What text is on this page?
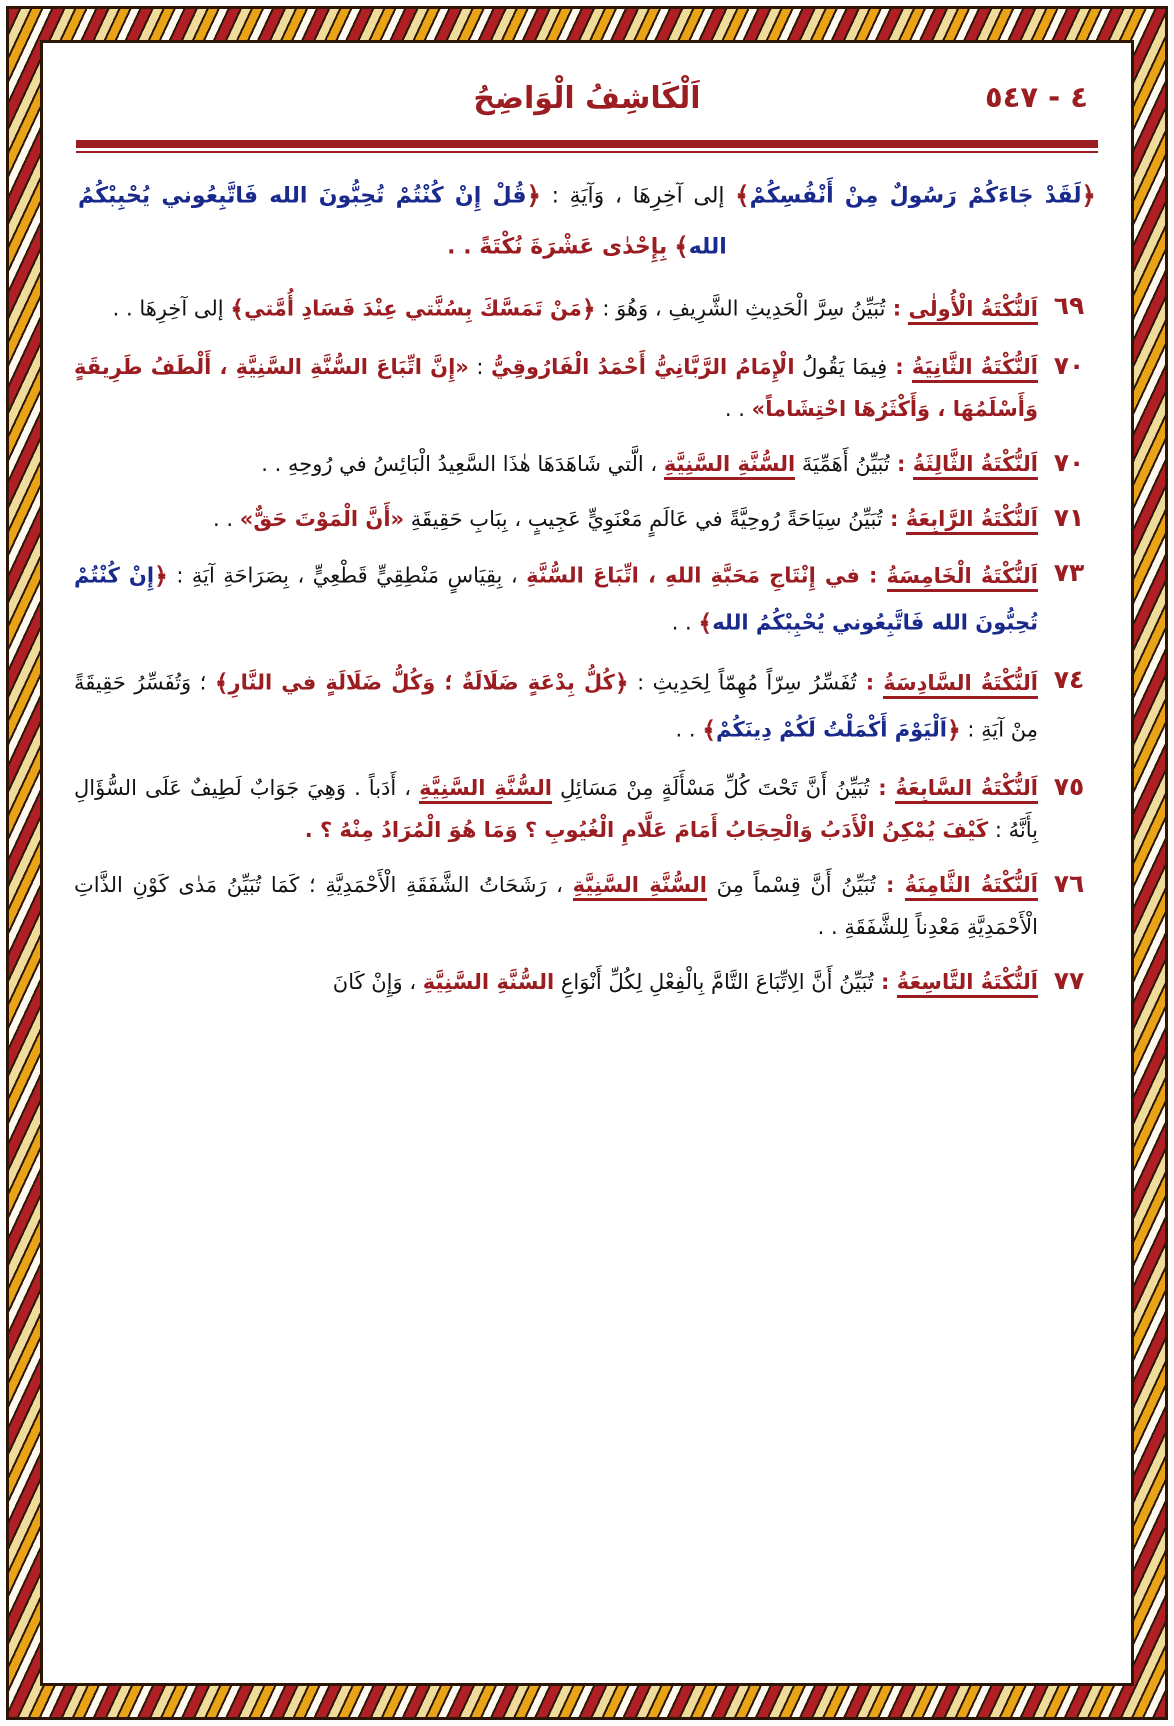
اَلْكَاشِفُ الْوَاضِحُ	٤ - ٥٤٧
﴿لَقَدْ جَاءَكُمْ رَسُولٌ مِنْ أَنْفُسِكُمْ﴾ إلى آخِرِهَا ، وَآيَةِ : ﴿قُلْ إِنْ كُنْتُمْ تُحِبُّونَ الله فَاتَّبِعُوني يُحْبِبْكُمُ الله﴾ بِإِحْدٰى عَشْرَةَ نُكْتَةً . .
٦٩
اَلنُّكْتَةُ الْأُولٰى : تُبَيِّنُ سِرَّ الْحَدِيثِ الشَّرِيفِ ، وَهُوَ : ﴿مَنْ تَمَسَّكَ بِسُنَّتي عِنْدَ فَسَادِ أُمَّتي﴾ إلى آخِرِهَا . .
٧٠
اَلنُّكْتَةُ الثَّانِيَةُ : فِيمَا يَقُولُ الْإِمَامُ الرَّبَّانِيُّ أَحْمَدُ الْفَارُوقِيُّ : «إِنَّ اتِّبَاعَ السُّنَّةِ السَّنِيَّةِ ، أَلْطَفُ طَرِيقَةٍ وَأَسْلَمُهَا ، وَأَكْثَرُهَا احْتِشَاماً» . .
٧٠
اَلنُّكْتَةُ الثَّالِثَةُ : تُبَيِّنُ أَهَمِّيَةَ السُّنَّةِ السَّنِيَّةِ ، الَّتي شَاهَدَهَا هٰذَا السَّعِيدُ الْبَائِسُ في رُوحِهِ . .
٧١
اَلنُّكْتَةُ الرَّابِعَةُ : تُبَيِّنُ سِيَاحَةً رُوحِيَّةً في عَالَمٍ مَعْنَوِيٍّ عَجِيبٍ ، بِبَابِ حَقِيقَةِ «أَنَّ الْمَوْتَ حَقٌّ» . .
٧٣
اَلنُّكْتَةُ الْخَامِسَةُ : في إِنْتَاجِ مَحَبَّةِ اللهِ ، اتِّبَاعَ السُّنَّةِ ، بِقِيَاسٍ مَنْطِقِيٍّ قَطْعِيٍّ ، بِصَرَاحَةِ آيَةِ : ﴿إِنْ كُنْتُمْ تُحِبُّونَ الله فَاتَّبِعُوني يُحْبِبْكُمُ الله﴾ . .
٧٤
اَلنُّكْتَةُ السَّادِسَةُ : تُفَسِّرُ سِرّاً مُهِمّاً لِحَدِيثِ : ﴿كُلُّ بِدْعَةٍ ضَلَالَةٌ ؛ وَكُلُّ ضَلَالَةٍ في النَّارِ﴾ ؛ وَتُفَسِّرُ حَقِيقَةً مِنْ آيَةِ : ﴿اَلْيَوْمَ أَكْمَلْتُ لَكُمْ دِينَكُمْ﴾ . .
٧٥
اَلنُّكْتَةُ السَّابِعَةُ : تُبَيِّنُ أَنَّ تَحْتَ كُلِّ مَسْأَلَةٍ مِنْ مَسَائِلِ السُّنَّةِ السَّنِيَّةِ ، أَدَباً . وَهِيَ جَوَابٌ لَطِيفٌ عَلَى السُّؤَالِ بِأَنَّهُ : كَيْفَ يُمْكِنُ الْأَدَبُ وَالْحِجَابُ أَمَامَ عَلَّامِ الْغُيُوبِ ؟ وَمَا هُوَ الْمُرَادُ مِنْهُ ؟ .
٧٦
اَلنُّكْتَةُ الثَّامِنَةُ : تُبَيِّنُ أَنَّ قِسْماً مِنَ السُّنَّةِ السَّنِيَّةِ ، رَشَحَاتُ الشَّفَقَةِ الْأَحْمَدِيَّةِ ؛ كَمَا تُبَيِّنُ مَدٰى كَوْنِ الذَّاتِ الْأَحْمَدِيَّةِ مَعْدِناً لِلشَّفَقَةِ . .
٧٧
اَلنُّكْتَةُ التَّاسِعَةُ : تُبَيِّنُ أَنَّ الِاتِّبَاعَ التَّامَّ بِالْفِعْلِ لِكُلِّ أَنْوَاعِ السُّنَّةِ السَّنِيَّةِ ، وَإِنْ كَانَ
